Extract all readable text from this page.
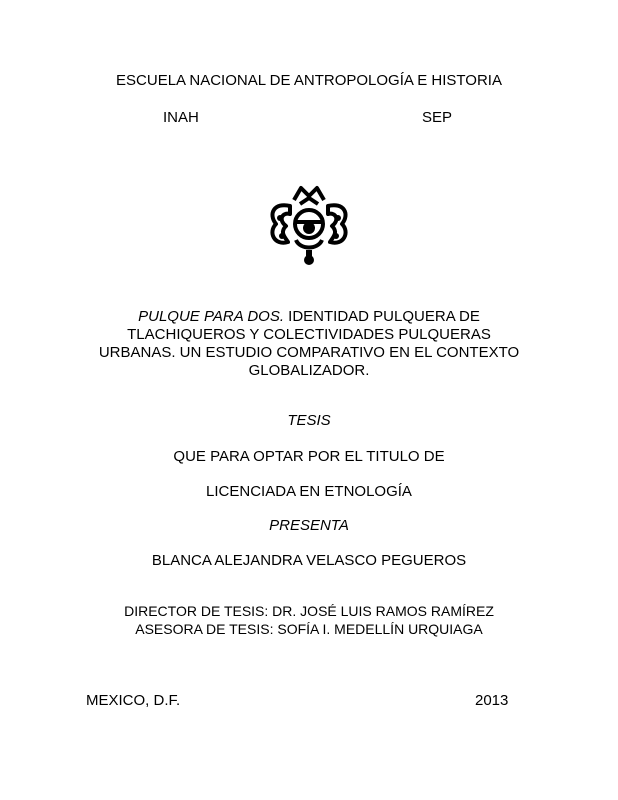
ESCUELA NACIONAL DE ANTROPOLOGÍA E HISTORIA
INAH	SEP
PULQUE PARA DOS. IDENTIDAD PULQUERA DE
TLACHIQUEROS Y COLECTIVIDADES PULQUERAS
URBANAS. UN ESTUDIO COMPARATIVO EN EL CONTEXTO
GLOBALIZADOR.
TESIS
QUE PARA OPTAR POR EL TITULO DE
LICENCIADA EN ETNOLOGÍA
PRESENTA
BLANCA ALEJANDRA VELASCO PEGUEROS
DIRECTOR DE TESIS: DR. JOSÉ LUIS RAMOS RAMÍREZ
ASESORA DE TESIS: SOFÍA I. MEDELLÍN URQUIAGA
MEXICO, D.F.	2013
